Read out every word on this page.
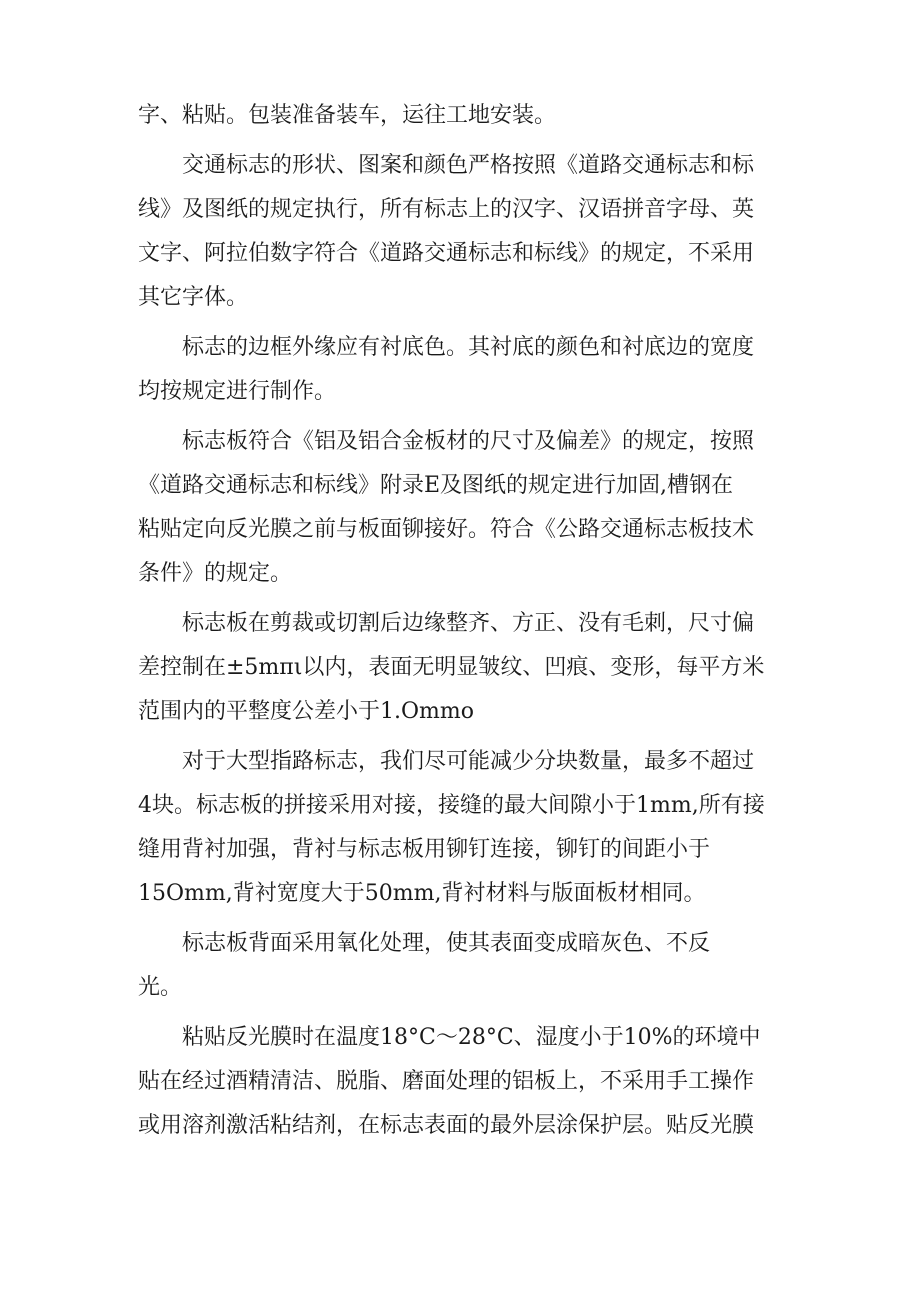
字、粘贴。包装准备装车，运往工地安装。

　　交通标志的形状、图案和颜色严格按照《道路交通标志和标
线》及图纸的规定执行，所有标志上的汉字、汉语拼音字母、英
文字、阿拉伯数字符合《道路交通标志和标线》的规定，不采用
其它字体。

　　标志的边框外缘应有衬底色。其衬底的颜色和衬底边的宽度
均按规定进行制作。

　　标志板符合《铝及铝合金板材的尺寸及偏差》的规定，按照
《道路交通标志和标线》附录E及图纸的规定进行加固,槽钢在
粘贴定向反光膜之前与板面铆接好。符合《公路交通标志板技术
条件》的规定。

　　标志板在剪裁或切割后边缘整齐、方正、没有毛刺，尺寸偏
差控制在±5mπι以内，表面无明显皱纹、凹痕、变形，每平方米
范围内的平整度公差小于1.Ommo

　　对于大型指路标志，我们尽可能减少分块数量，最多不超过
4块。标志板的拼接采用对接，接缝的最大间隙小于1mm,所有接
缝用背衬加强，背衬与标志板用铆钉连接，铆钉的间距小于
15Omm,背衬宽度大于50mm,背衬材料与版面板材相同。

　　标志板背面采用氧化处理，使其表面变成暗灰色、不反
光。

　　粘贴反光膜时在温度18°C～28°C、湿度小于10%的环境中
贴在经过酒精清洁、脱脂、磨面处理的铝板上，不采用手工操作
或用溶剂激活粘结剂，在标志表面的最外层涂保护层。贴反光膜
